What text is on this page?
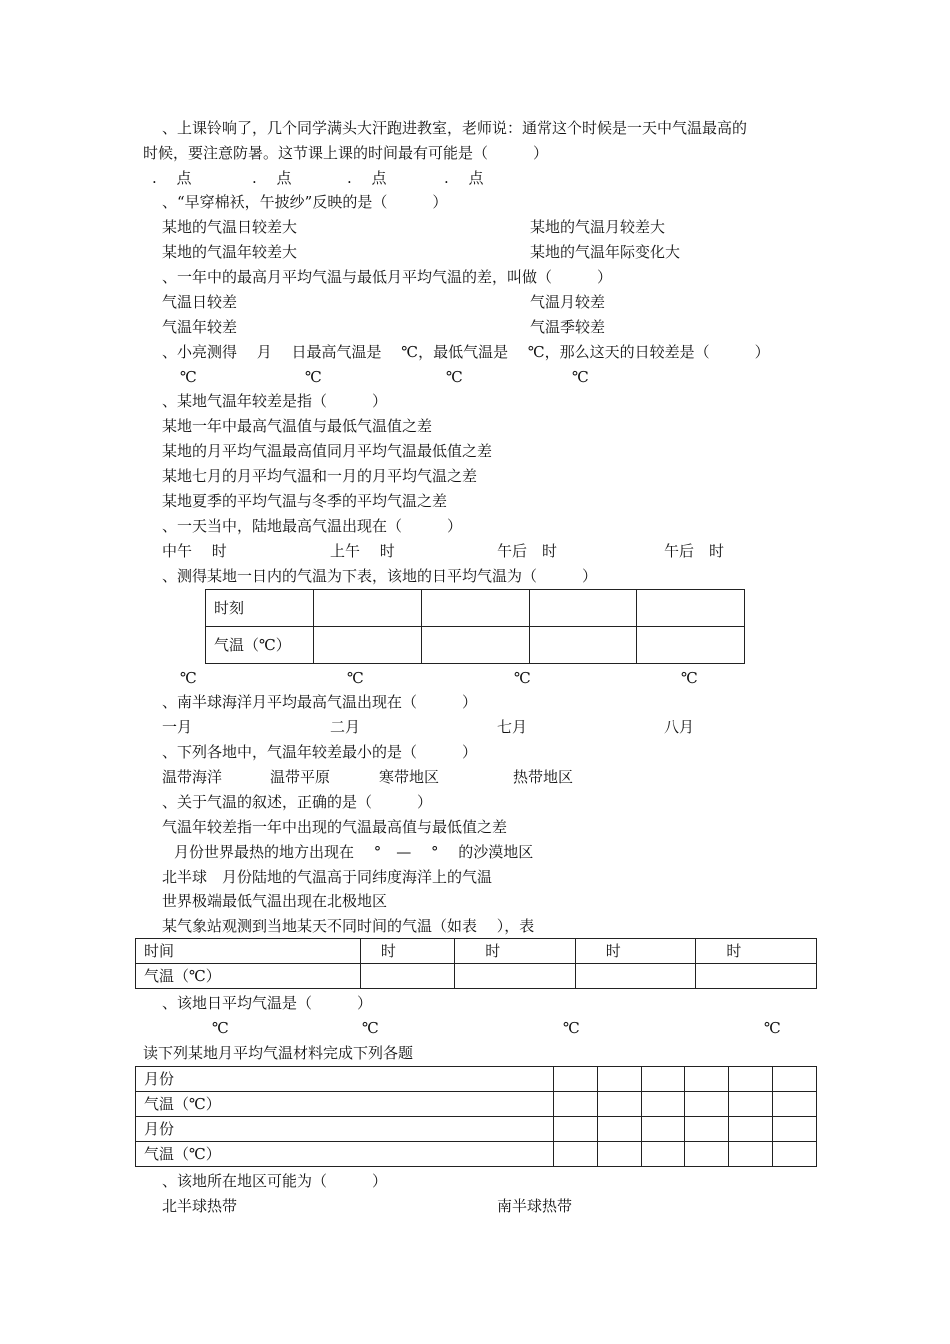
、上课铃响了，几个同学满头大汗跑进教室，老师说：通常这个时候是一天中气温最高的
时候，要注意防暑。这节课上课的时间最有可能是（　　　）
. 　点	. 　点	. 　点	. 　点
、“早穿棉袄，午披纱”反映的是（　　　）
某地的气温日较差大	某地的气温月较差大
某地的气温年较差大	某地的气温年际变化大
、一年中的最高月平均气温与最低月平均气温的差，叫做（　　　）
气温日较差	气温月较差
气温年较差	气温季较差
、小亮测得　 月　 日最高气温是　 ℃，最低气温是　 ℃，那么这天的日较差是（　　　）
℃	℃	℃	℃
、某地气温年较差是指（　　　）
某地一年中最高气温值与最低气温值之差
某地的月平均气温最高值同月平均气温最低值之差
某地七月的月平均气温和一月的月平均气温之差
某地夏季的平均气温与冬季的平均气温之差
、一天当中，陆地最高气温出现在（　　　）
中午　 时	上午　 时	午后　时	午后　时
、测得某地一日内的气温为下表，该地的日平均气温为（　　　）
时刻				
气温（℃）				
℃	℃	℃	℃
、南半球海洋月平均最高气温出现在（　　　）
一月	二月	七月	八月
、下列各地中，气温年较差最小的是（　　　）
温带海洋	温带平原	寒带地区	热带地区
、关于气温的叙述，正确的是（　　　）
气温年较差指一年中出现的气温最高值与最低值之差
月份世界最热的地方出现在　 °　—　 °　 的沙漠地区
北半球　月份陆地的气温高于同纬度海洋上的气温
世界极端最低气温出现在北极地区
某气象站观测到当地某天不同时间的气温（如表　 ），表
时间	时	时	时	时
气温（℃）				
、该地日平均气温是（　　　）
℃	℃	℃	℃
读下列某地月平均气温材料完成下列各题
月份						
气温（℃）						
月份						
气温（℃）						
、该地所在地区可能为（　　　）
北半球热带	南半球热带
